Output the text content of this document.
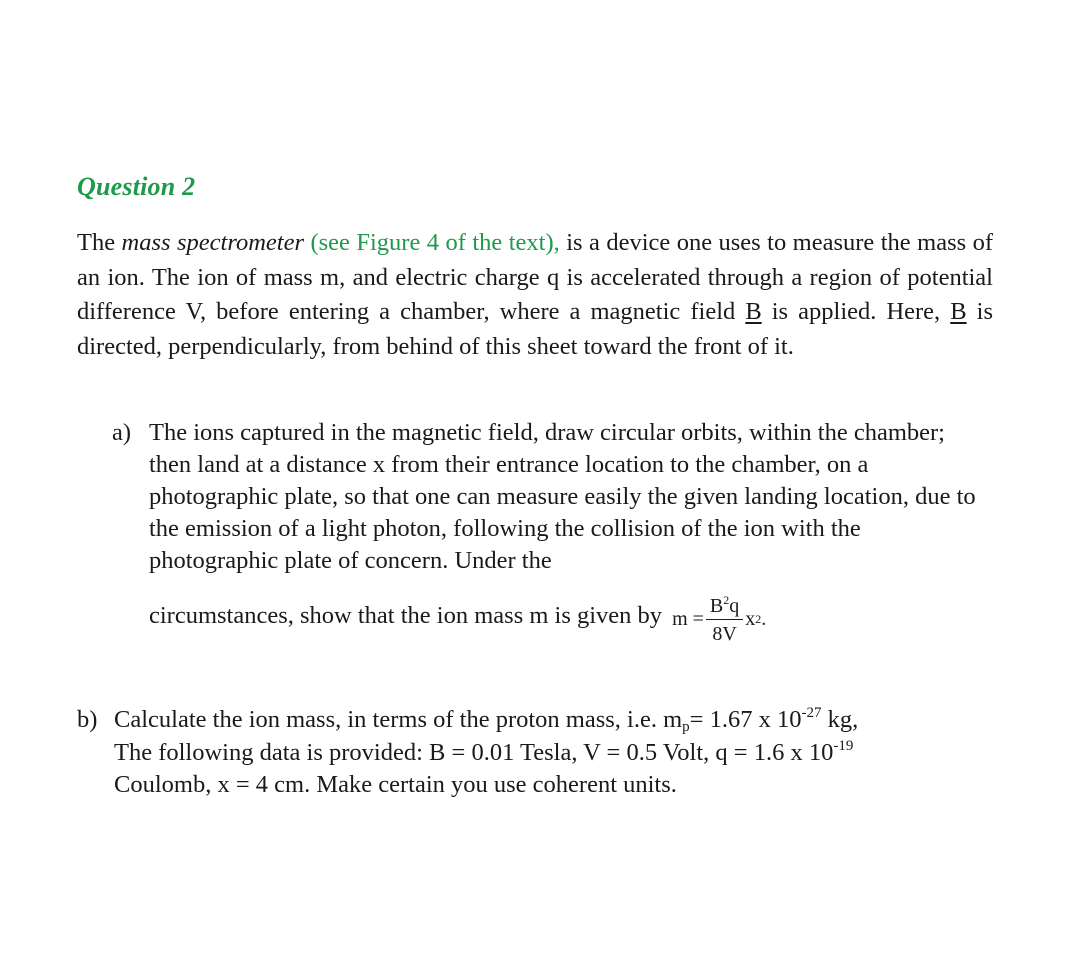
Question 2
The mass spectrometer (see Figure 4 of the text), is a device one uses to measure the mass of an ion. The ion of mass m, and electric charge q is accelerated through a region of potential difference V, before entering a chamber, where a magnetic field B is applied. Here, B is directed, perpendicularly, from behind of this sheet toward the front of it.
a) The ions captured in the magnetic field, draw circular orbits, within the chamber; then land at a distance x from their entrance location to the chamber, on a photographic plate, so that one can measure easily the given landing location, due to the emission of a light photon, following the collision of the ion with the photographic plate of concern. Under the
circumstances, show that the ion mass m is given by $m = \frac{B^2q}{8V}$ x 2 .
b) Calculate the ion mass, in terms of the proton mass, i.e. $m_p= 1.67$ x $10^{-27}$ kg,
The following data is provided: B = 0.01 Tesla, V = 0.5 Volt, q = 1.6 x $10^{-19}$
Coulomb, x = 4 cm. Make certain you use coherent units.
